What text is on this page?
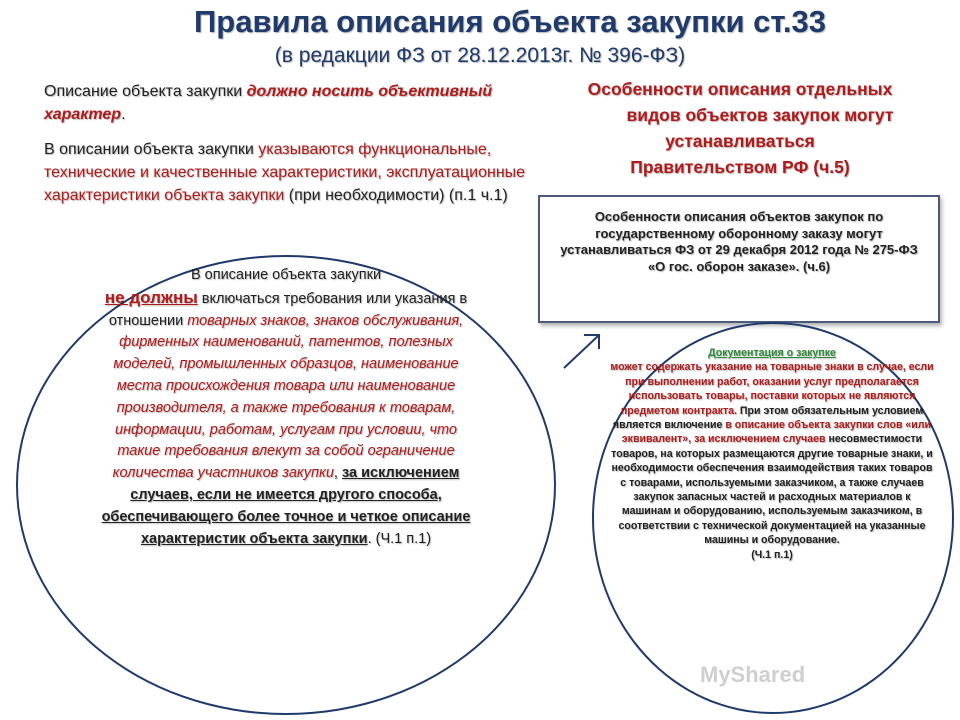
Правила описания объекта закупки ст.33
(в редакции ФЗ от 28.12.2013г. № 396-ФЗ)
Описание объекта закупки должно носить объективный характер.
В описании объекта закупки указываются функциональные, технические и качественные характеристики, эксплуатационные характеристики объекта закупки (при необходимости) (п.1 ч.1)
Особенности описания отдельных
видов объектов закупок могут
устанавливаться
Правительством РФ (ч.5)
Особенности описания объектов закупок по государственному оборонному заказу могут устанавливаться ФЗ от 29 декабря 2012 года № 275-ФЗ «О гос. оборон заказе». (ч.6)
В описание объекта закупки
не должны включаться требования или указания в отношении товарных знаков, знаков обслуживания, фирменных наименований, патентов, полезных моделей, промышленных образцов, наименование места происхождения товара или наименование производителя, а также требования к товарам, информации, работам, услугам при условии, что такие требования влекут за собой ограничение количества участников закупки, за исключением случаев, если не имеется другого способа, обеспечивающего более точное и четкое описание характеристик объекта закупки. (Ч.1 п.1)
Документация о закупке
может содержать указание на товарные знаки в случае, если при выполнении работ, оказании услуг предполагается использовать товары, поставки которых не являются предметом контракта. При этом обязательным условием является включение в описание объекта закупки слов «или эквивалент», за исключением случаев несовместимости товаров, на которых размещаются другие товарные знаки, и необходимости обеспечения взаимодействия таких товаров с товарами, используемыми заказчиком, а также случаев закупок запасных частей и расходных материалов к машинам и оборудованию, используемым заказчиком, в соответствии с технической документацией на указанные машины и оборудование.
(Ч.1 п.1)
MyShared
